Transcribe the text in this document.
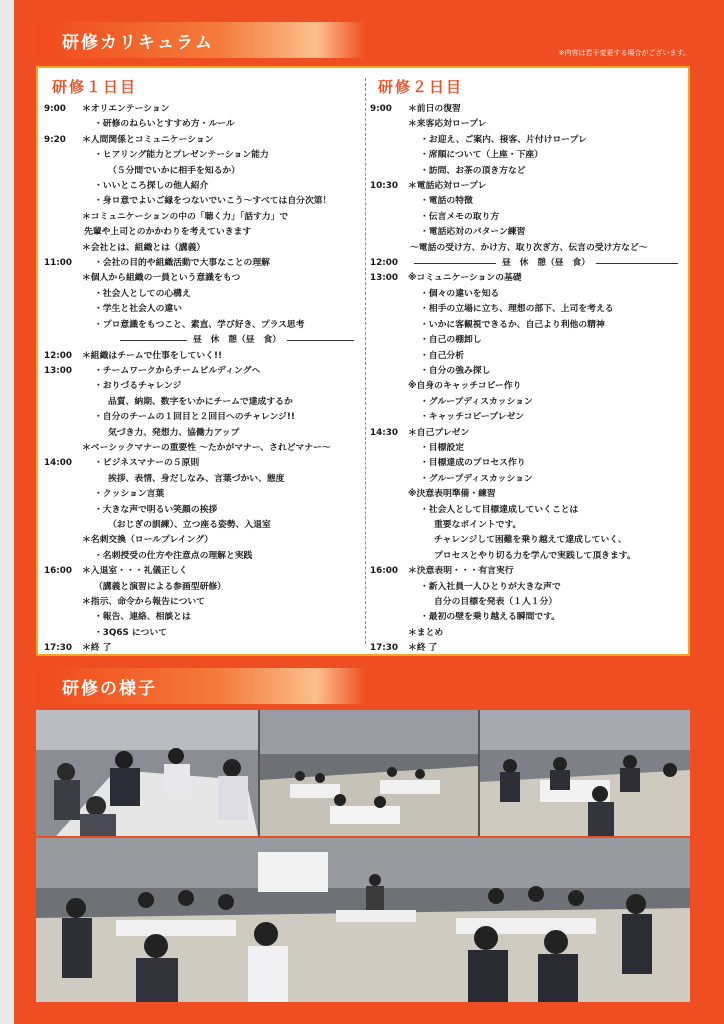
研修カリキュラム
※内容は若干変更する場合がございます。
研修１日目	研修２日目
9:00	＊オリエンテーション
・研修のねらいとすすめ方・ルール
9:20	＊人間関係とコミュニケーション
・ヒアリング能力とプレゼンテーション能力
（５分間でいかに相手を知るか）
・いいところ探しの他人紹介
・身ロ意でよいご縁をつないでいこう～すべては自分次第！
＊コミュニケーションの中の「聴く力」「話す力」で
先輩や上司とのかかわりを考えていきます
＊会社とは、組織とは（講義）
11:00	・会社の目的や組織活動で大事なことの理解
＊個人から組織の一員という意識をもつ
・社会人としての心構え
・学生と社会人の違い
・プロ意識をもつこと、素直、学び好き、プラス思考
昼　休　憩（昼　食）
12:00	＊組織はチームで仕事をしていく!!
13:00	・チームワークからチームビルディングへ
・おりづるチャレンジ
品質、納期、数字をいかにチームで達成するか
・自分のチームの１回目と２回目へのチャレンジ!!
気づき力、発想力、協働力アップ
＊ベーシックマナーの重要性 ～たかがマナー、されどマナー～
14:00	・ビジネスマナーの５原則
挨拶、表情、身だしなみ、言葉づかい、態度
・クッション言葉
・大きな声で明るい笑顔の挨拶
（おじぎの訓練）、立つ座る姿勢、入退室
＊名刺交換（ロールプレイング）
・名刺授受の仕方や注意点の理解と実践
16:00	＊入退室・・・礼儀正しく
（講義と演習による参画型研修）
＊指示、命令から報告について
・報告、連絡、相談とは
・3Q6S について
17:30	＊終 了
9:00	＊前日の復習
＊来客応対ロープレ
・お迎え、ご案内、接客、片付けロープレ
・席順について（上座・下座）
・訪問、お茶の頂き方など
10:30	＊電話応対ロープレ
・電話の特徴
・伝言メモの取り方
・電話応対のパターン練習
～電話の受け方、かけ方、取り次ぎ方、伝言の受け方など～
12:00	昼　休　憩（昼　食）
13:00	※コミュニケーションの基礎
・個々の違いを知る
・相手の立場に立ち、理想の部下、上司を考える
・いかに客観視できるか、自己より利他の精神
・自己の棚卸し
・自己分析
・自分の強み探し
※自身のキャッチコピー作り
・グループディスカッション
・キャッチコピープレゼン
14:30	＊自己プレゼン
・目標設定
・目標達成のプロセス作り
・グループディスカッション
※決意表明準備・練習
・社会人として目標達成していくことは
重要なポイントです。
チャレンジして困難を乗り越えて達成していく、
プロセスとやり切る力を学んで実践して頂きます。
16:00	＊決意表明・・・有言実行
・新入社員一人ひとりが大きな声で
自分の目標を発表（１人１分）
・最初の壁を乗り越える瞬間です。
＊まとめ
17:30	＊終 了
研修の様子
